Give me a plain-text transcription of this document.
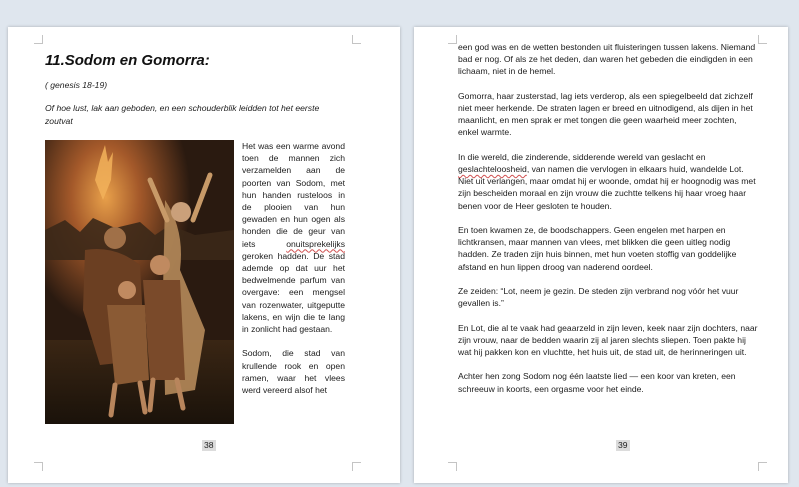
11.Sodom en Gomorra:

( genesis 18-19)

Of hoe lust, lak aan geboden, en een schouderblik leidden tot het eerste zoutvat

Het was een warme avond toen de mannen zich verzamelden aan de poorten van Sodom, met hun handen rusteloos in de plooien van hun gewaden en hun ogen als honden die de geur van iets onuitsprekelijks geroken hadden. De stad ademde op dat uur het bedwelmende parfum van overgave: een mengsel van rozenwater, uitgeputte lakens, en wijn die te lang in zonlicht had gestaan.

Sodom, die stad van krullende rook en open ramen, waar het vlees werd vereerd alsof het

38

een god was en de wetten bestonden uit fluisteringen tussen lakens. Niemand bad er nog. Of als ze het deden, dan waren het gebeden die eindigden in een lichaam, niet in de hemel.

Gomorra, haar zusterstad, lag iets verderop, als een spiegelbeeld dat zichzelf niet meer herkende. De straten lagen er breed en uitnodigend, als dijen in het maanlicht, en men sprak er met tongen die geen waarheid meer zochten, enkel warmte.

In die wereld, die zinderende, sidderende wereld van geslacht en geslachteloosheid, van namen die vervlogen in elkaars huid, wandelde Lot. Niet uit verlangen, maar omdat hij er woonde, omdat hij er hoognodig was met zijn bescheiden moraal en zijn vrouw die zuchtte telkens hij haar vroeg haar benen voor de Heer gesloten te houden.

En toen kwamen ze, de boodschappers. Geen engelen met harpen en lichtkransen, maar mannen van vlees, met blikken die geen uitleg nodig hadden. Ze traden zijn huis binnen, met hun voeten stoffig van goddelijke afstand en hun lippen droog van naderend oordeel.

Ze zeiden: “Lot, neem je gezin. De steden zijn verbrand nog vóór het vuur gevallen is.”

En Lot, die al te vaak had geaarzeld in zijn leven, keek naar zijn dochters, naar zijn vrouw, naar de bedden waarin zij al jaren slechts sliepen. Toen pakte hij wat hij pakken kon en vluchtte, het huis uit, de stad uit, de herinneringen uit.

Achter hen zong Sodom nog één laatste lied — een koor van kreten, een schreeuw in koorts, een orgasme voor het einde.

39
